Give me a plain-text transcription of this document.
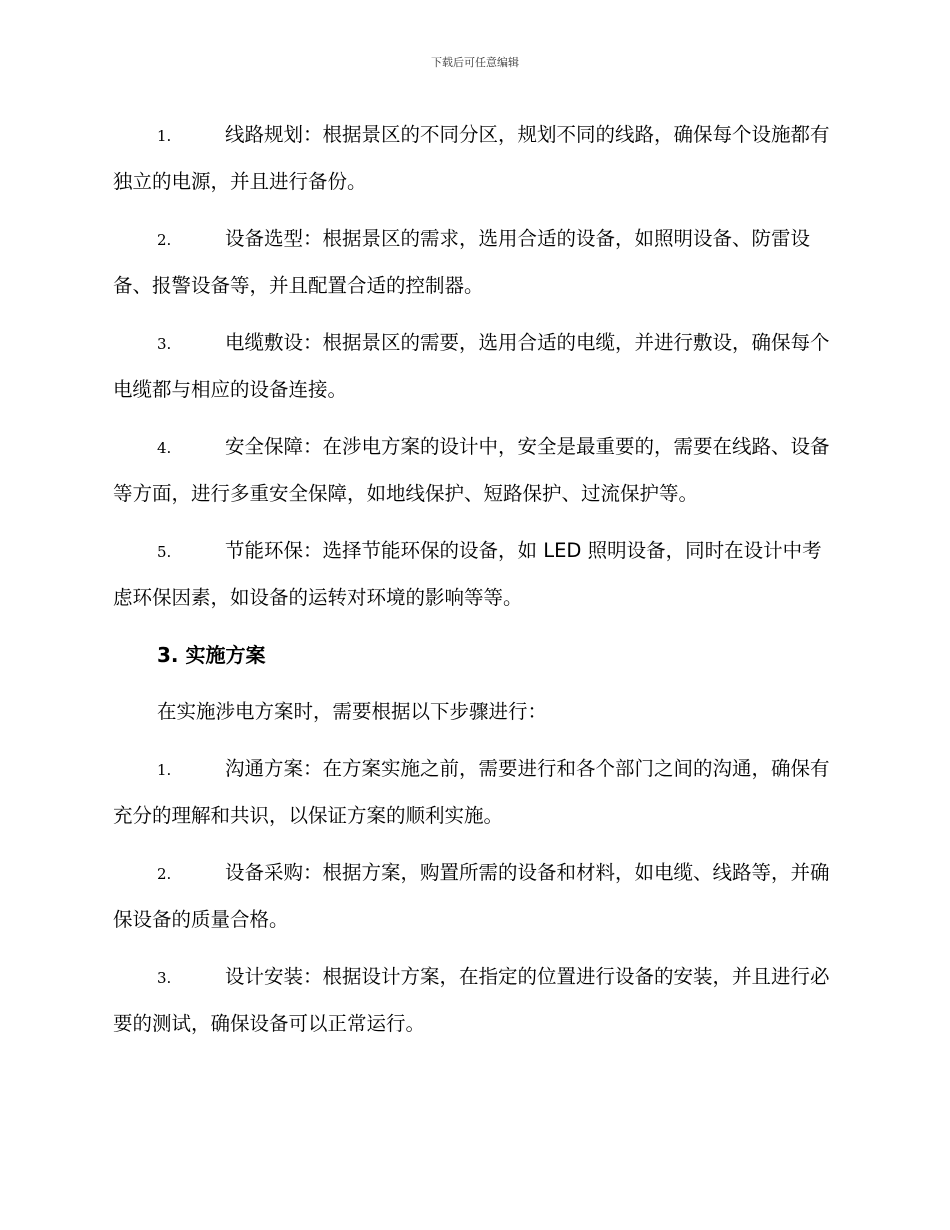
下载后可任意编辑
1.	线路规划：根据景区的不同分区，规划不同的线路，确保每个设施都有独立的电源，并且进行备份。
2.	设备选型：根据景区的需求，选用合适的设备，如照明设备、防雷设备、报警设备等，并且配置合适的控制器。
3.	电缆敷设：根据景区的需要，选用合适的电缆，并进行敷设，确保每个电缆都与相应的设备连接。
4.	安全保障：在涉电方案的设计中，安全是最重要的，需要在线路、设备等方面，进行多重安全保障，如地线保护、短路保护、过流保护等。
5.	节能环保：选择节能环保的设备，如 LED 照明设备，同时在设计中考虑环保因素，如设备的运转对环境的影响等等。
3. 实施方案
在实施涉电方案时，需要根据以下步骤进行：
1.	沟通方案：在方案实施之前，需要进行和各个部门之间的沟通，确保有充分的理解和共识，以保证方案的顺利实施。
2.	设备采购：根据方案，购置所需的设备和材料，如电缆、线路等，并确保设备的质量合格。
3.	设计安装：根据设计方案，在指定的位置进行设备的安装，并且进行必要的测试，确保设备可以正常运行。
